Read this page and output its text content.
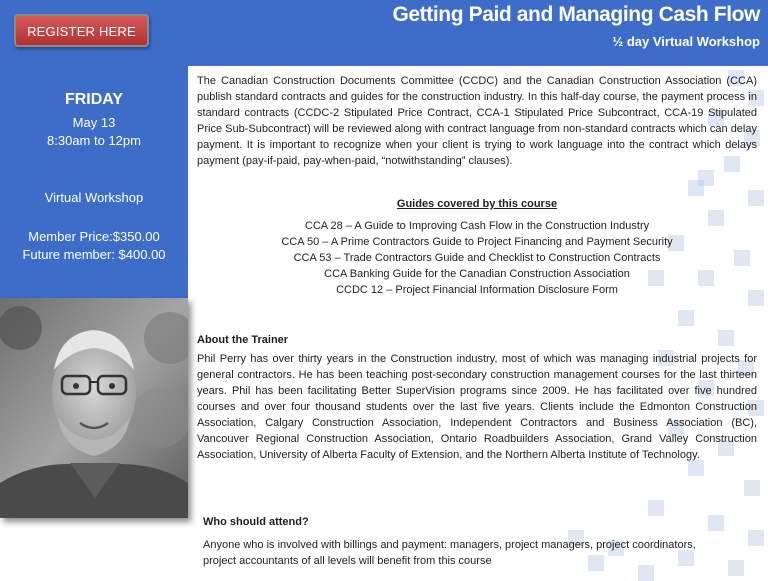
REGISTER HERE
Getting Paid and Managing Cash Flow
½ day Virtual Workshop
FRIDAY
May 13
8:30am to 12pm
Virtual Workshop
Member Price:$350.00
Future member: $400.00
The Canadian Construction Documents Committee (CCDC) and the Canadian Construction Association (CCA) publish standard contracts and guides for the construction industry. In this half-day course, the payment process in standard contracts (CCDC-2 Stipulated Price Contract, CCA-1 Stipulated Price Subcontract, CCA-19 Stipulated Price Sub-Subcontract) will be reviewed along with contract language from non-standard contracts which can delay payment. It is important to recognize when your client is trying to work language into the contract which delays payment (pay-if-paid, pay-when-paid, “notwithstanding” clauses).
Guides covered by this course
CCA 28 – A Guide to Improving Cash Flow in the Construction Industry
CCA 50 – A Prime Contractors Guide to Project Financing and Payment Security
CCA 53 – Trade Contractors Guide and Checklist to Construction Contracts
CCA Banking Guide for the Canadian Construction Association
CCDC 12 – Project Financial Information Disclosure Form
About the Trainer
Phil Perry has over thirty years in the Construction industry, most of which was managing industrial projects for general contractors. He has been teaching post-secondary construction management courses for the last thirteen years. Phil has been facilitating Better SuperVision programs since 2009. He has facilitated over five hundred courses and over four thousand students over the last five years. Clients include the Edmonton Construction Association, Calgary Construction Association, Independent Contractors and Business Association (BC), Vancouver Regional Construction Association, Ontario Roadbuilders Association, Grand Valley Construction Association, University of Alberta Faculty of Extension, and the Northern Alberta Institute of Technology.
Who should attend?
Anyone who is involved with billings and payment: managers, project managers, project coordinators, project accountants of all levels will benefit from this course
